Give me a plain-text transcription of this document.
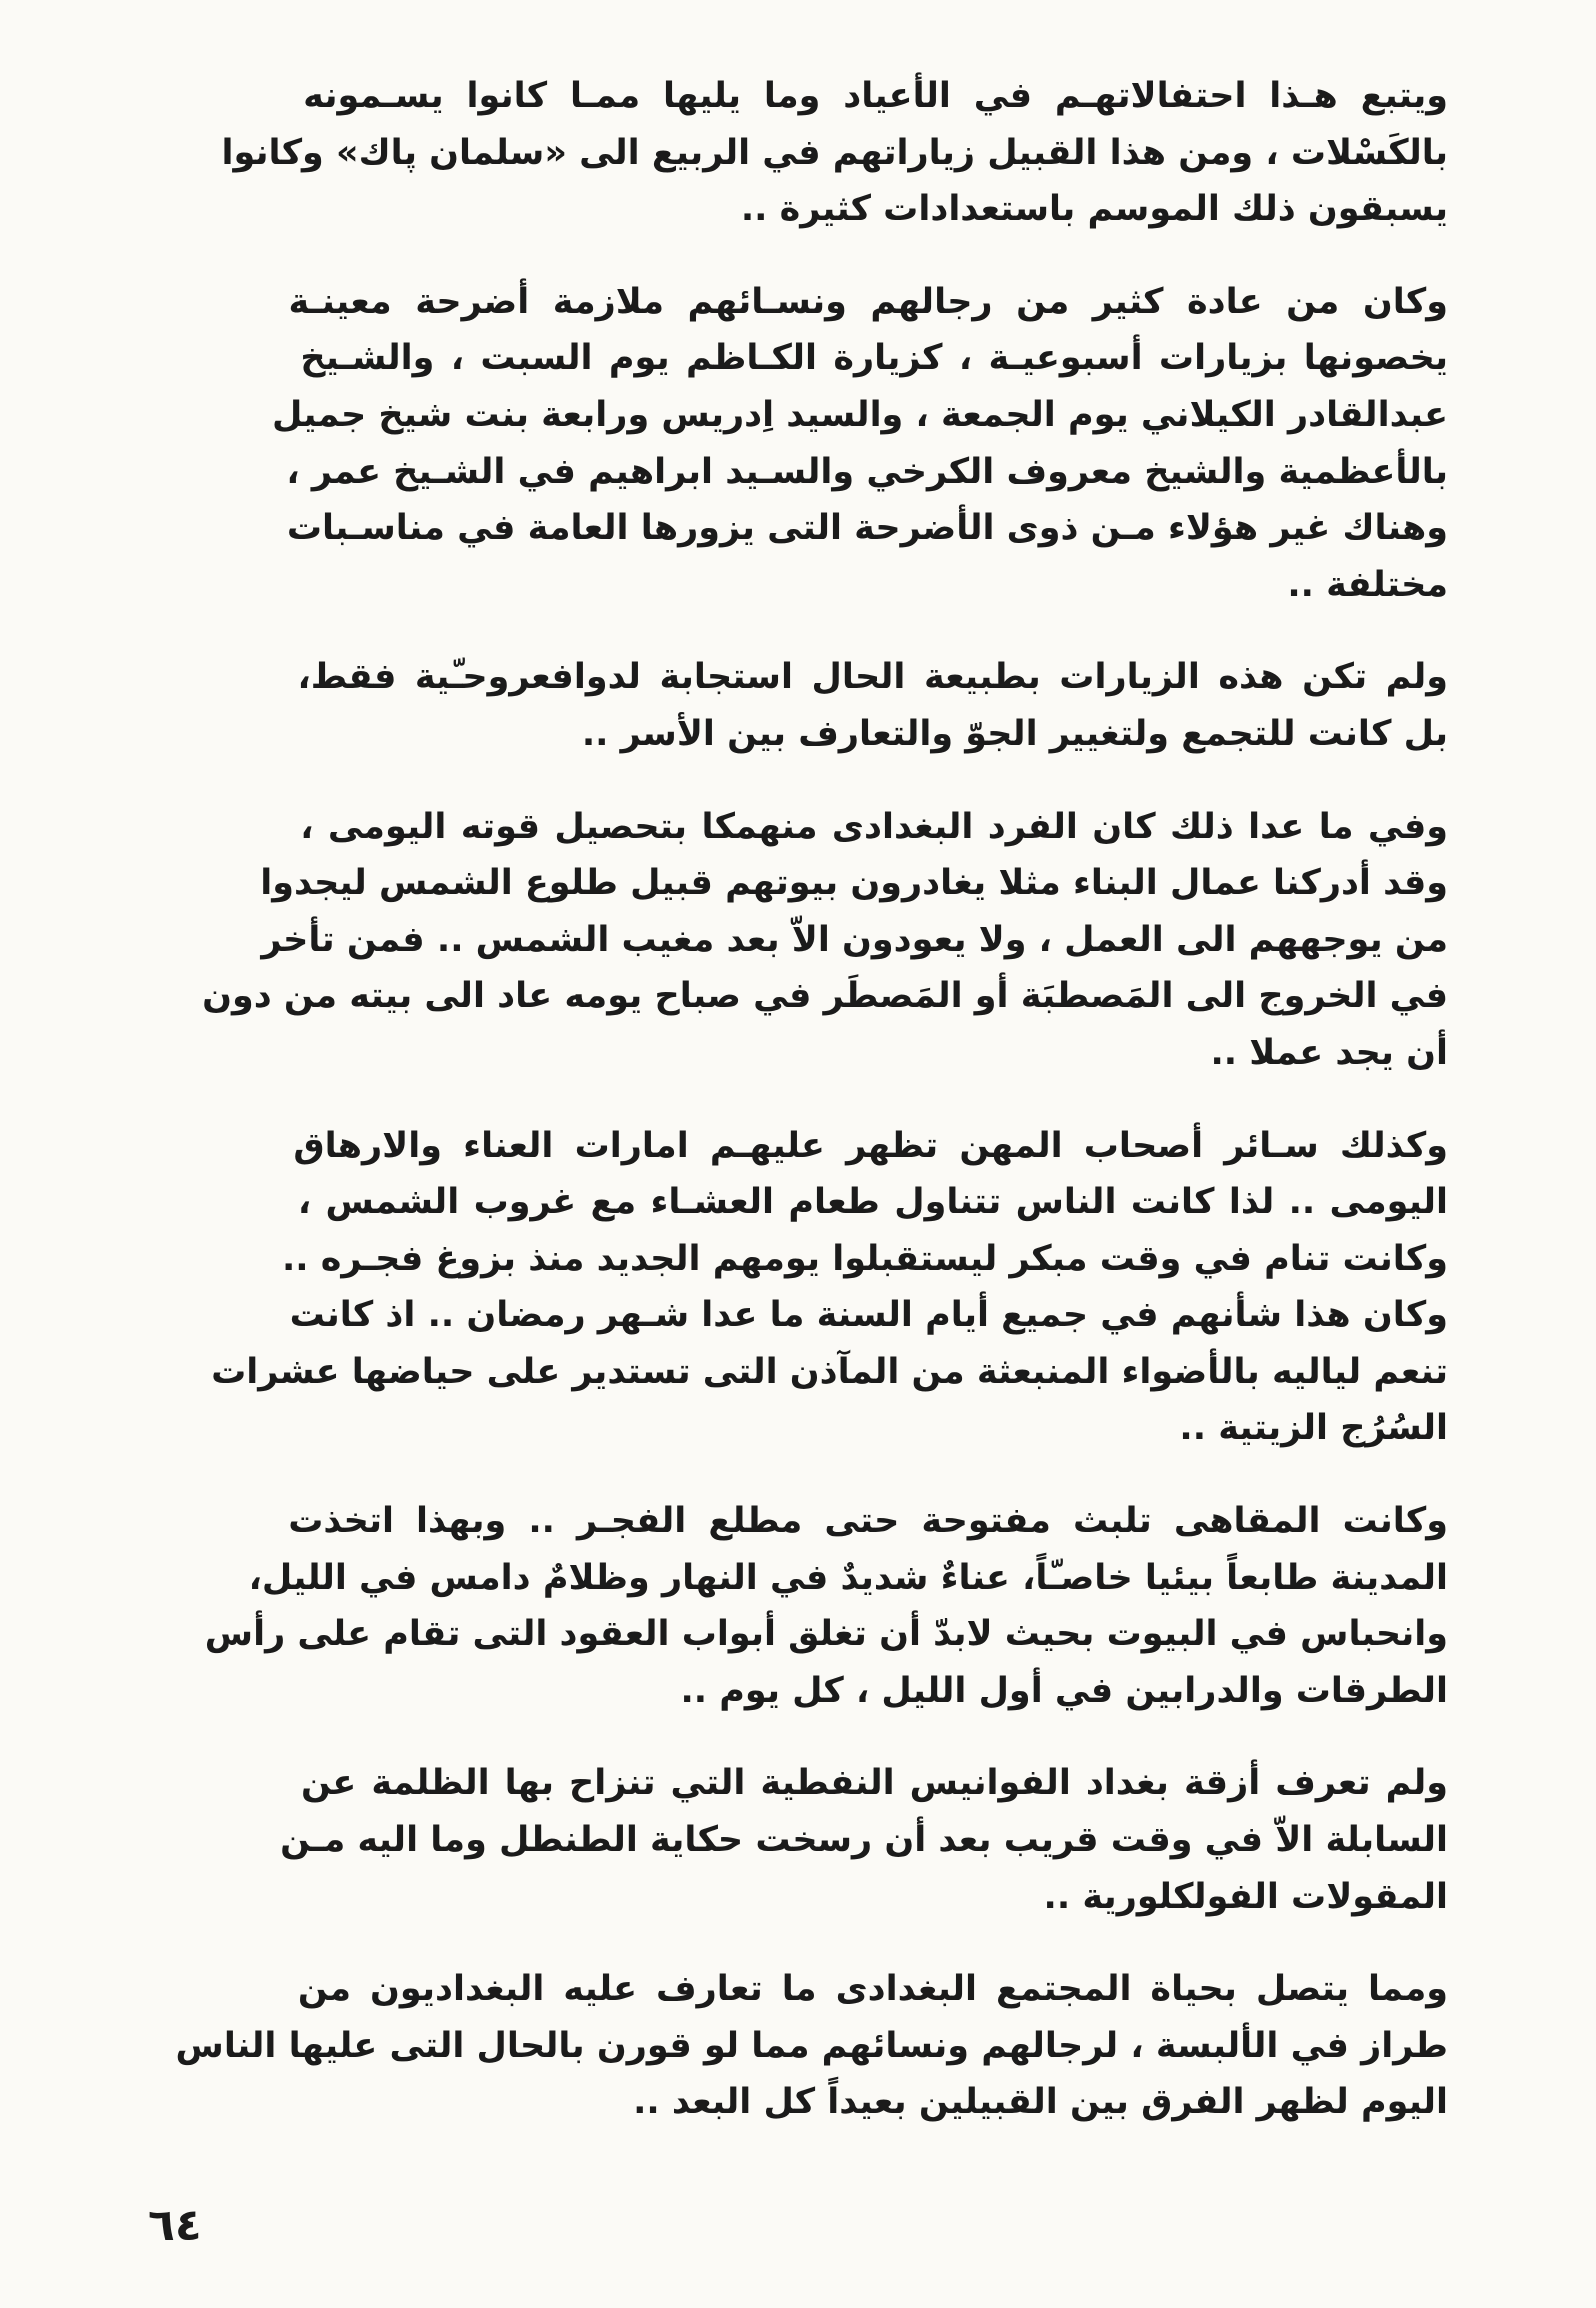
ويتبع هـذا احتفالاتهـم في الأعياد وما يليها ممـا كانوا يسـمونه
بالكَسْلات ، ومن هذا القبيل زياراتهم في الربيع الى «سلمان پاك» وكانوا
يسبقون ذلك الموسم باستعدادات كثيرة ..

وكان من عادة كثير من رجالهم ونسـائهم ملازمة أضرحة معينـة
يخصونها بزيارات أسبوعيـة ، كزيارة الكـاظم يوم السبت ، والشـيخ
عبدالقادر الكيلاني يوم الجمعة ، والسيد اِدريس ورابعة بنت شيخ جميل
بالأعظمية والشيخ معروف الكرخي والسـيد ابراهيم في الشـيخ عمر ،
وهناك غير هؤلاء مـن ذوى الأضرحة التى يزورها العامة في مناسـبات
مختلفة ..

ولم تكن هذه الزيارات بطبيعة الحال استجابة لدوافعروحـّية فقط،
بل كانت للتجمع ولتغيير الجوّ والتعارف بين الأسر ..

وفي ما عدا ذلك كان الفرد البغدادى منهمكا بتحصيل قوته اليومى ،
وقد أدركنا عمال البناء مثلا يغادرون بيوتهم قبيل طلوع الشمس ليجدوا
من يوجههم الى العمل ، ولا يعودون الاّ بعد مغيب الشمس .. فمن تأخر
في الخروج الى المَصطبَة أو المَصطَر في صباح يومه عاد الى بيته من دون
أن يجد عملا ..

وكذلك سـائر أصحاب المهن تظهر عليهـم امارات العناء والارهاق
اليومى .. لذا كانت الناس تتناول طعام العشـاء مع غروب الشمس ،
وكانت تنام في وقت مبكر ليستقبلوا يومهم الجديد منذ بزوغ فجـره ..
وكان هذا شأنهم في جميع أيام السنة ما عدا شـهر رمضان .. اذ كانت
تنعم لياليه بالأضواء المنبعثة من المآذن التى تستدير على حياضها عشرات
السُرُج الزيتية ..

وكانت المقاهى تلبث مفتوحة حتى مطلع الفجـر .. وبهذا اتخذت
المدينة طابعاً بيئيا خاصـّاً، عناءٌ شديدٌ في النهار وظلامٌ دامس في الليل،
وانحباس في البيوت بحيث لابدّ أن تغلق أبواب العقود التى تقام على رأس
الطرقات والدرابين في أول الليل ، كل يوم ..

ولم تعرف أزقة بغداد الفوانيس النفطية التي تنزاح بها الظلمة عن
السابلة الاّ في وقت قريب بعد أن رسخت حكاية الطنطل وما اليه مـن
المقولات الفولكلورية ..

ومما يتصل بحياة المجتمع البغدادى ما تعارف عليه البغداديون من
طراز في الألبسة ، لرجالهم ونسائهم مما لو قورن بالحال التى عليها الناس
اليوم لظهر الفرق بين القبيلين بعيداً كل البعد ..

٦٤
